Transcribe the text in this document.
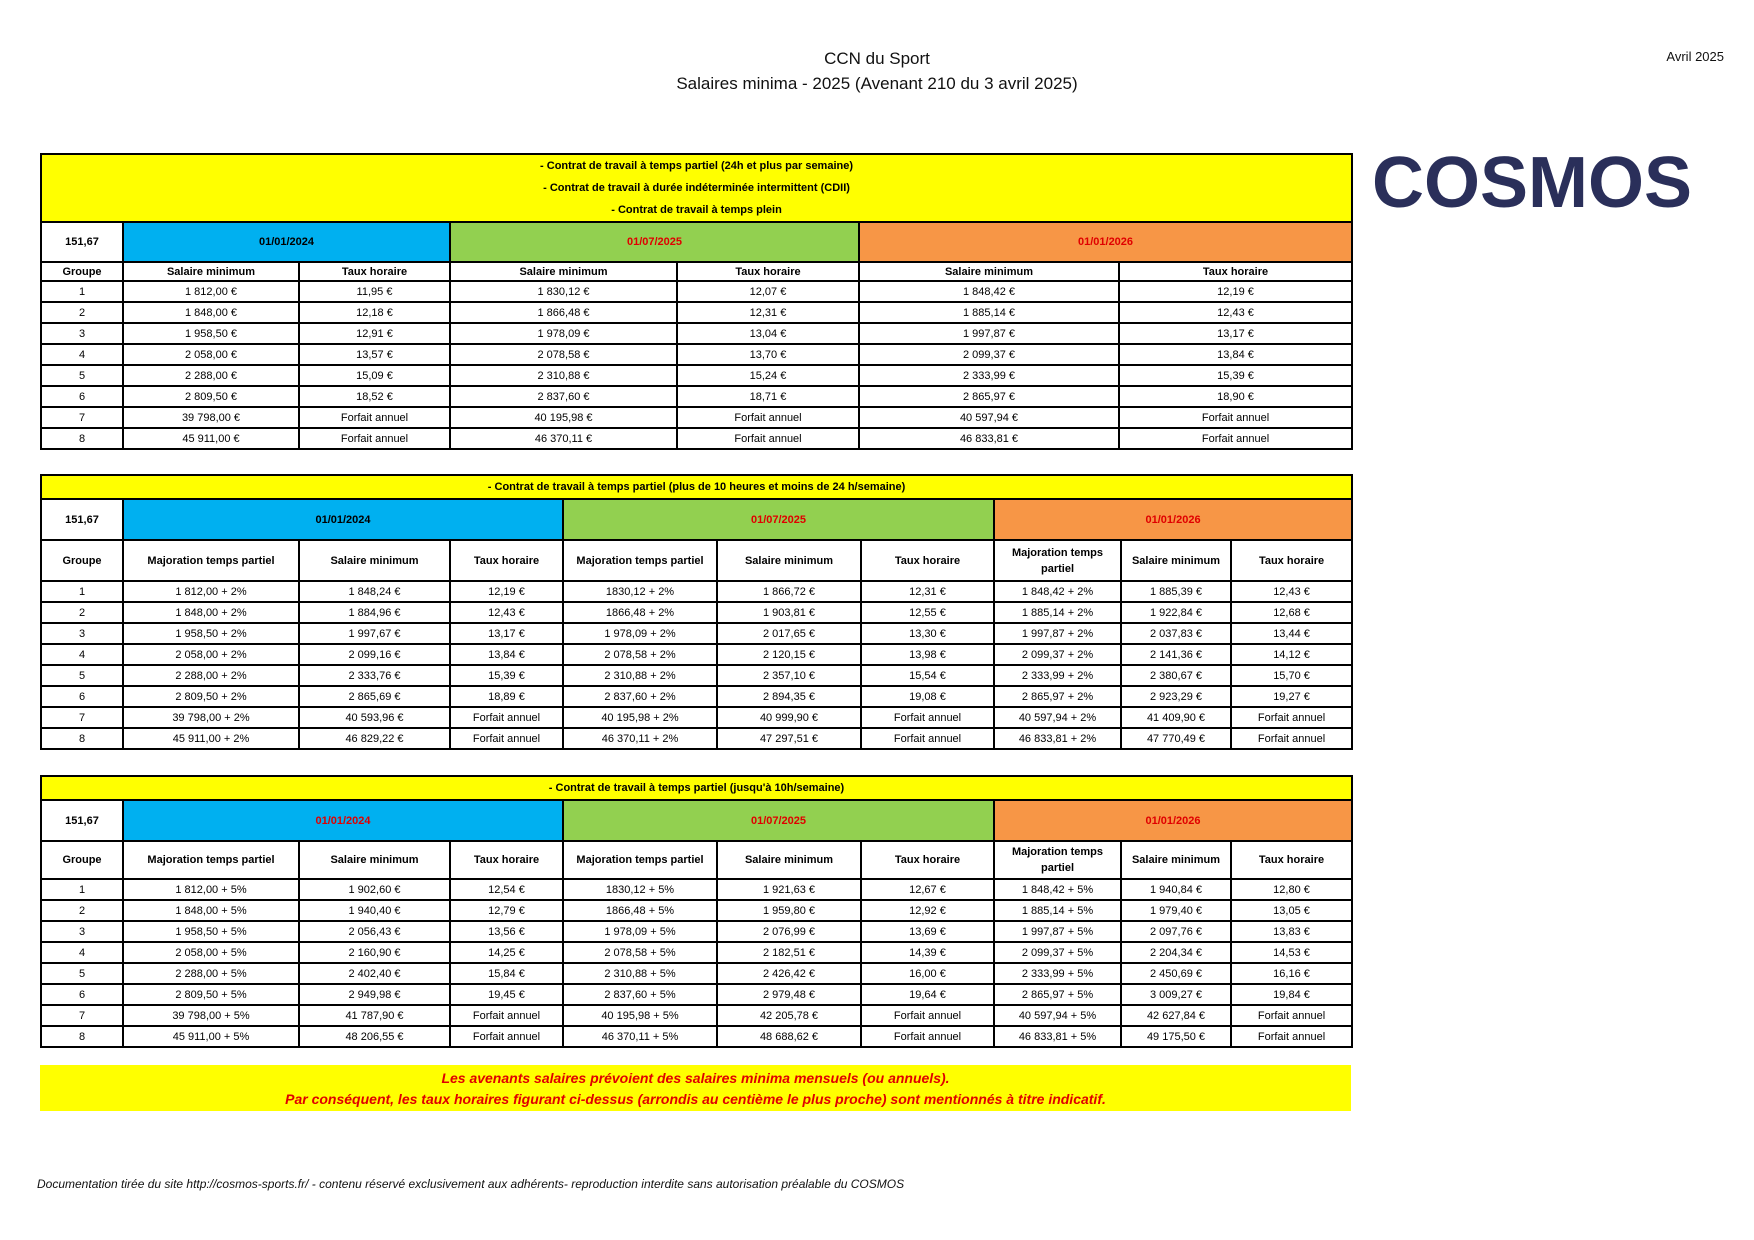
CCN du Sport
Salaires minima - 2025 (Avenant 210 du 3 avril 2025)
Avril 2025
COSMOS
- Contrat de travail à temps partiel (24h et plus par semaine)
- Contrat de travail à durée indéterminée intermittent (CDII)
- Contrat de travail à temps plein						

151,67	01/01/2024		01/07/2025		01/01/2026	
Groupe	Salaire minimum	Taux horaire	Salaire minimum	Taux horaire	Salaire minimum	Taux horaire
1	1 812,00 €	11,95 €	1 830,12 €	12,07 €	1 848,42 €	12,19 €
2	1 848,00 €	12,18 €	1 866,48 €	12,31 €	1 885,14 €	12,43 €
3	1 958,50 €	12,91 €	1 978,09 €	13,04 €	1 997,87 €	13,17 €
4	2 058,00 €	13,57 €	2 078,58 €	13,70 €	2 099,37 €	13,84 €
5	2 288,00 €	15,09 €	2 310,88 €	15,24 €	2 333,99 €	15,39 €
6	2 809,50 €	18,52 €	2 837,60 €	18,71 €	2 865,97 €	18,90 €
7	39 798,00 €	Forfait annuel	40 195,98 €	Forfait annuel	40 597,94 €	Forfait annuel
8	45 911,00 €	Forfait annuel	46 370,11 €	Forfait annuel	46 833,81 €	Forfait annuel
- Contrat de travail à temps partiel (plus de 10 heures et moins de 24 h/semaine)									
151,67	01/01/2024			01/07/2025			01/01/2026		
Groupe	Majoration temps partiel	Salaire minimum	Taux horaire	Majoration temps partiel	Salaire minimum	Taux horaire	Majoration temps partiel	Salaire minimum	Taux horaire
1	1 812,00 + 2%	1 848,24 €	12,19 €	1830,12 + 2%	1 866,72 €	12,31 €	1 848,42 + 2%	1 885,39 €	12,43 €
2	1 848,00 + 2%	1 884,96 €	12,43 €	1866,48 + 2%	1 903,81 €	12,55 €	1 885,14 + 2%	1 922,84 €	12,68 €
3	1 958,50 + 2%	1 997,67 €	13,17 €	1 978,09 + 2%	2 017,65 €	13,30 €	1 997,87 + 2%	2 037,83 €	13,44 €
4	2 058,00 + 2%	2 099,16 €	13,84 €	2 078,58 + 2%	2 120,15 €	13,98 €	2 099,37 + 2%	2 141,36 €	14,12 €
5	2 288,00 + 2%	2 333,76 €	15,39 €	2 310,88 + 2%	2 357,10 €	15,54 €	2 333,99 + 2%	2 380,67 €	15,70 €
6	2 809,50 + 2%	2 865,69 €	18,89 €	2 837,60 + 2%	2 894,35 €	19,08 €	2 865,97 + 2%	2 923,29 €	19,27 €
7	39 798,00 + 2%	40 593,96 €	Forfait annuel	40 195,98 + 2%	40 999,90 €	Forfait annuel	40 597,94 + 2%	41 409,90 €	Forfait annuel
8	45 911,00 + 2%	46 829,22 €	Forfait annuel	46 370,11 + 2%	47 297,51 €	Forfait annuel	46 833,81 + 2%	47 770,49 €	Forfait annuel
- Contrat de travail à temps partiel (jusqu'à 10h/semaine)									
151,67	01/01/2024			01/07/2025			01/01/2026		
Groupe	Majoration temps partiel	Salaire minimum	Taux horaire	Majoration temps partiel	Salaire minimum	Taux horaire	Majoration temps partiel	Salaire minimum	Taux horaire
1	1 812,00 + 5%	1 902,60 €	12,54 €	1830,12 + 5%	1 921,63 €	12,67 €	1 848,42 + 5%	1 940,84 €	12,80 €
2	1 848,00 + 5%	1 940,40 €	12,79 €	1866,48 + 5%	1 959,80 €	12,92 €	1 885,14 + 5%	1 979,40 €	13,05 €
3	1 958,50 + 5%	2 056,43 €	13,56 €	1 978,09 + 5%	2 076,99 €	13,69 €	1 997,87 + 5%	2 097,76 €	13,83 €
4	2 058,00 + 5%	2 160,90 €	14,25 €	2 078,58 + 5%	2 182,51 €	14,39 €	2 099,37 + 5%	2 204,34 €	14,53 €
5	2 288,00 + 5%	2 402,40 €	15,84 €	2 310,88 + 5%	2 426,42 €	16,00 €	2 333,99 + 5%	2 450,69 €	16,16 €
6	2 809,50 + 5%	2 949,98 €	19,45 €	2 837,60 + 5%	2 979,48 €	19,64 €	2 865,97 + 5%	3 009,27 €	19,84 €
7	39 798,00 + 5%	41 787,90 €	Forfait annuel	40 195,98 + 5%	42 205,78 €	Forfait annuel	40 597,94 + 5%	42 627,84 €	Forfait annuel
8	45 911,00 + 5%	48 206,55 €	Forfait annuel	46 370,11 + 5%	48 688,62 €	Forfait annuel	46 833,81 + 5%	49 175,50 €	Forfait annuel
Les avenants salaires prévoient des salaires minima mensuels (ou annuels).
Par conséquent, les taux horaires figurant ci-dessus (arrondis au centième le plus proche) sont mentionnés à titre indicatif.
Documentation tirée du site http://cosmos-sports.fr/ - contenu réservé exclusivement aux adhérents- reproduction interdite sans autorisation préalable du COSMOS
